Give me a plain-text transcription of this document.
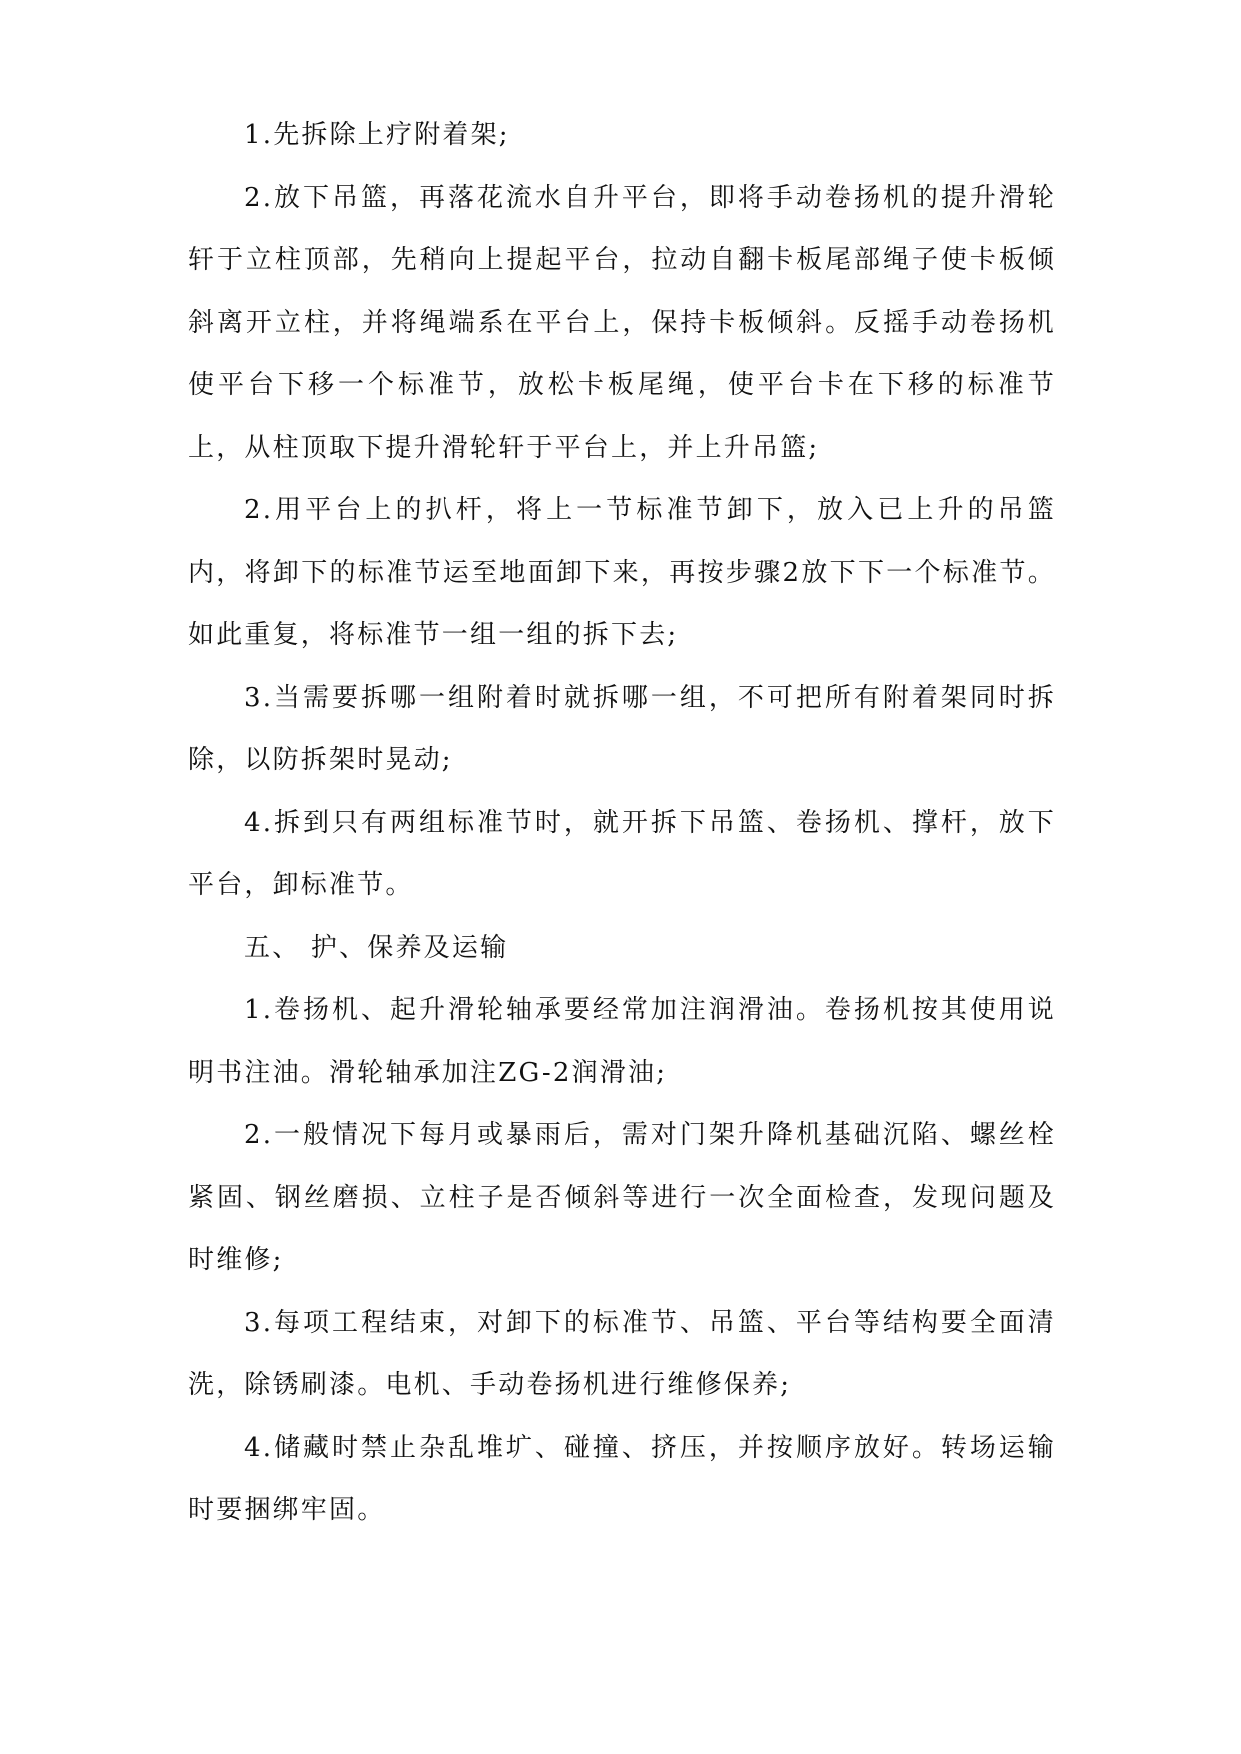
1.先拆除上疗附着架;

2.放下吊篮，再落花流水自升平台，即将手动卷扬机的提升滑轮轩于立柱顶部，先稍向上提起平台，拉动自翻卡板尾部绳子使卡板倾斜离开立柱，并将绳端系在平台上，保持卡板倾斜。反摇手动卷扬机使平台下移一个标准节，放松卡板尾绳，使平台卡在下移的标准节上，从柱顶取下提升滑轮轩于平台上，并上升吊篮;

2.用平台上的扒杆，将上一节标准节卸下，放入已上升的吊篮内，将卸下的标准节运至地面卸下来，再按步骤2放下下一个标准节。如此重复，将标准节一组一组的拆下去;

3.当需要拆哪一组附着时就拆哪一组，不可把所有附着架同时拆除，以防拆架时晃动;

4.拆到只有两组标准节时，就开拆下吊篮、卷扬机、撑杆，放下平台，卸标准节。

五、 护、保养及运输

1.卷扬机、起升滑轮轴承要经常加注润滑油。卷扬机按其使用说明书注油。滑轮轴承加注ZG-2润滑油;

2.一般情况下每月或暴雨后，需对门架升降机基础沉陷、螺丝栓紧固、钢丝磨损、立柱子是否倾斜等进行一次全面检查，发现问题及时维修;

3.每项工程结束，对卸下的标准节、吊篮、平台等结构要全面清洗，除锈刷漆。电机、手动卷扬机进行维修保养;

4.储藏时禁止杂乱堆圹、碰撞、挤压，并按顺序放好。转场运输时要捆绑牢固。
